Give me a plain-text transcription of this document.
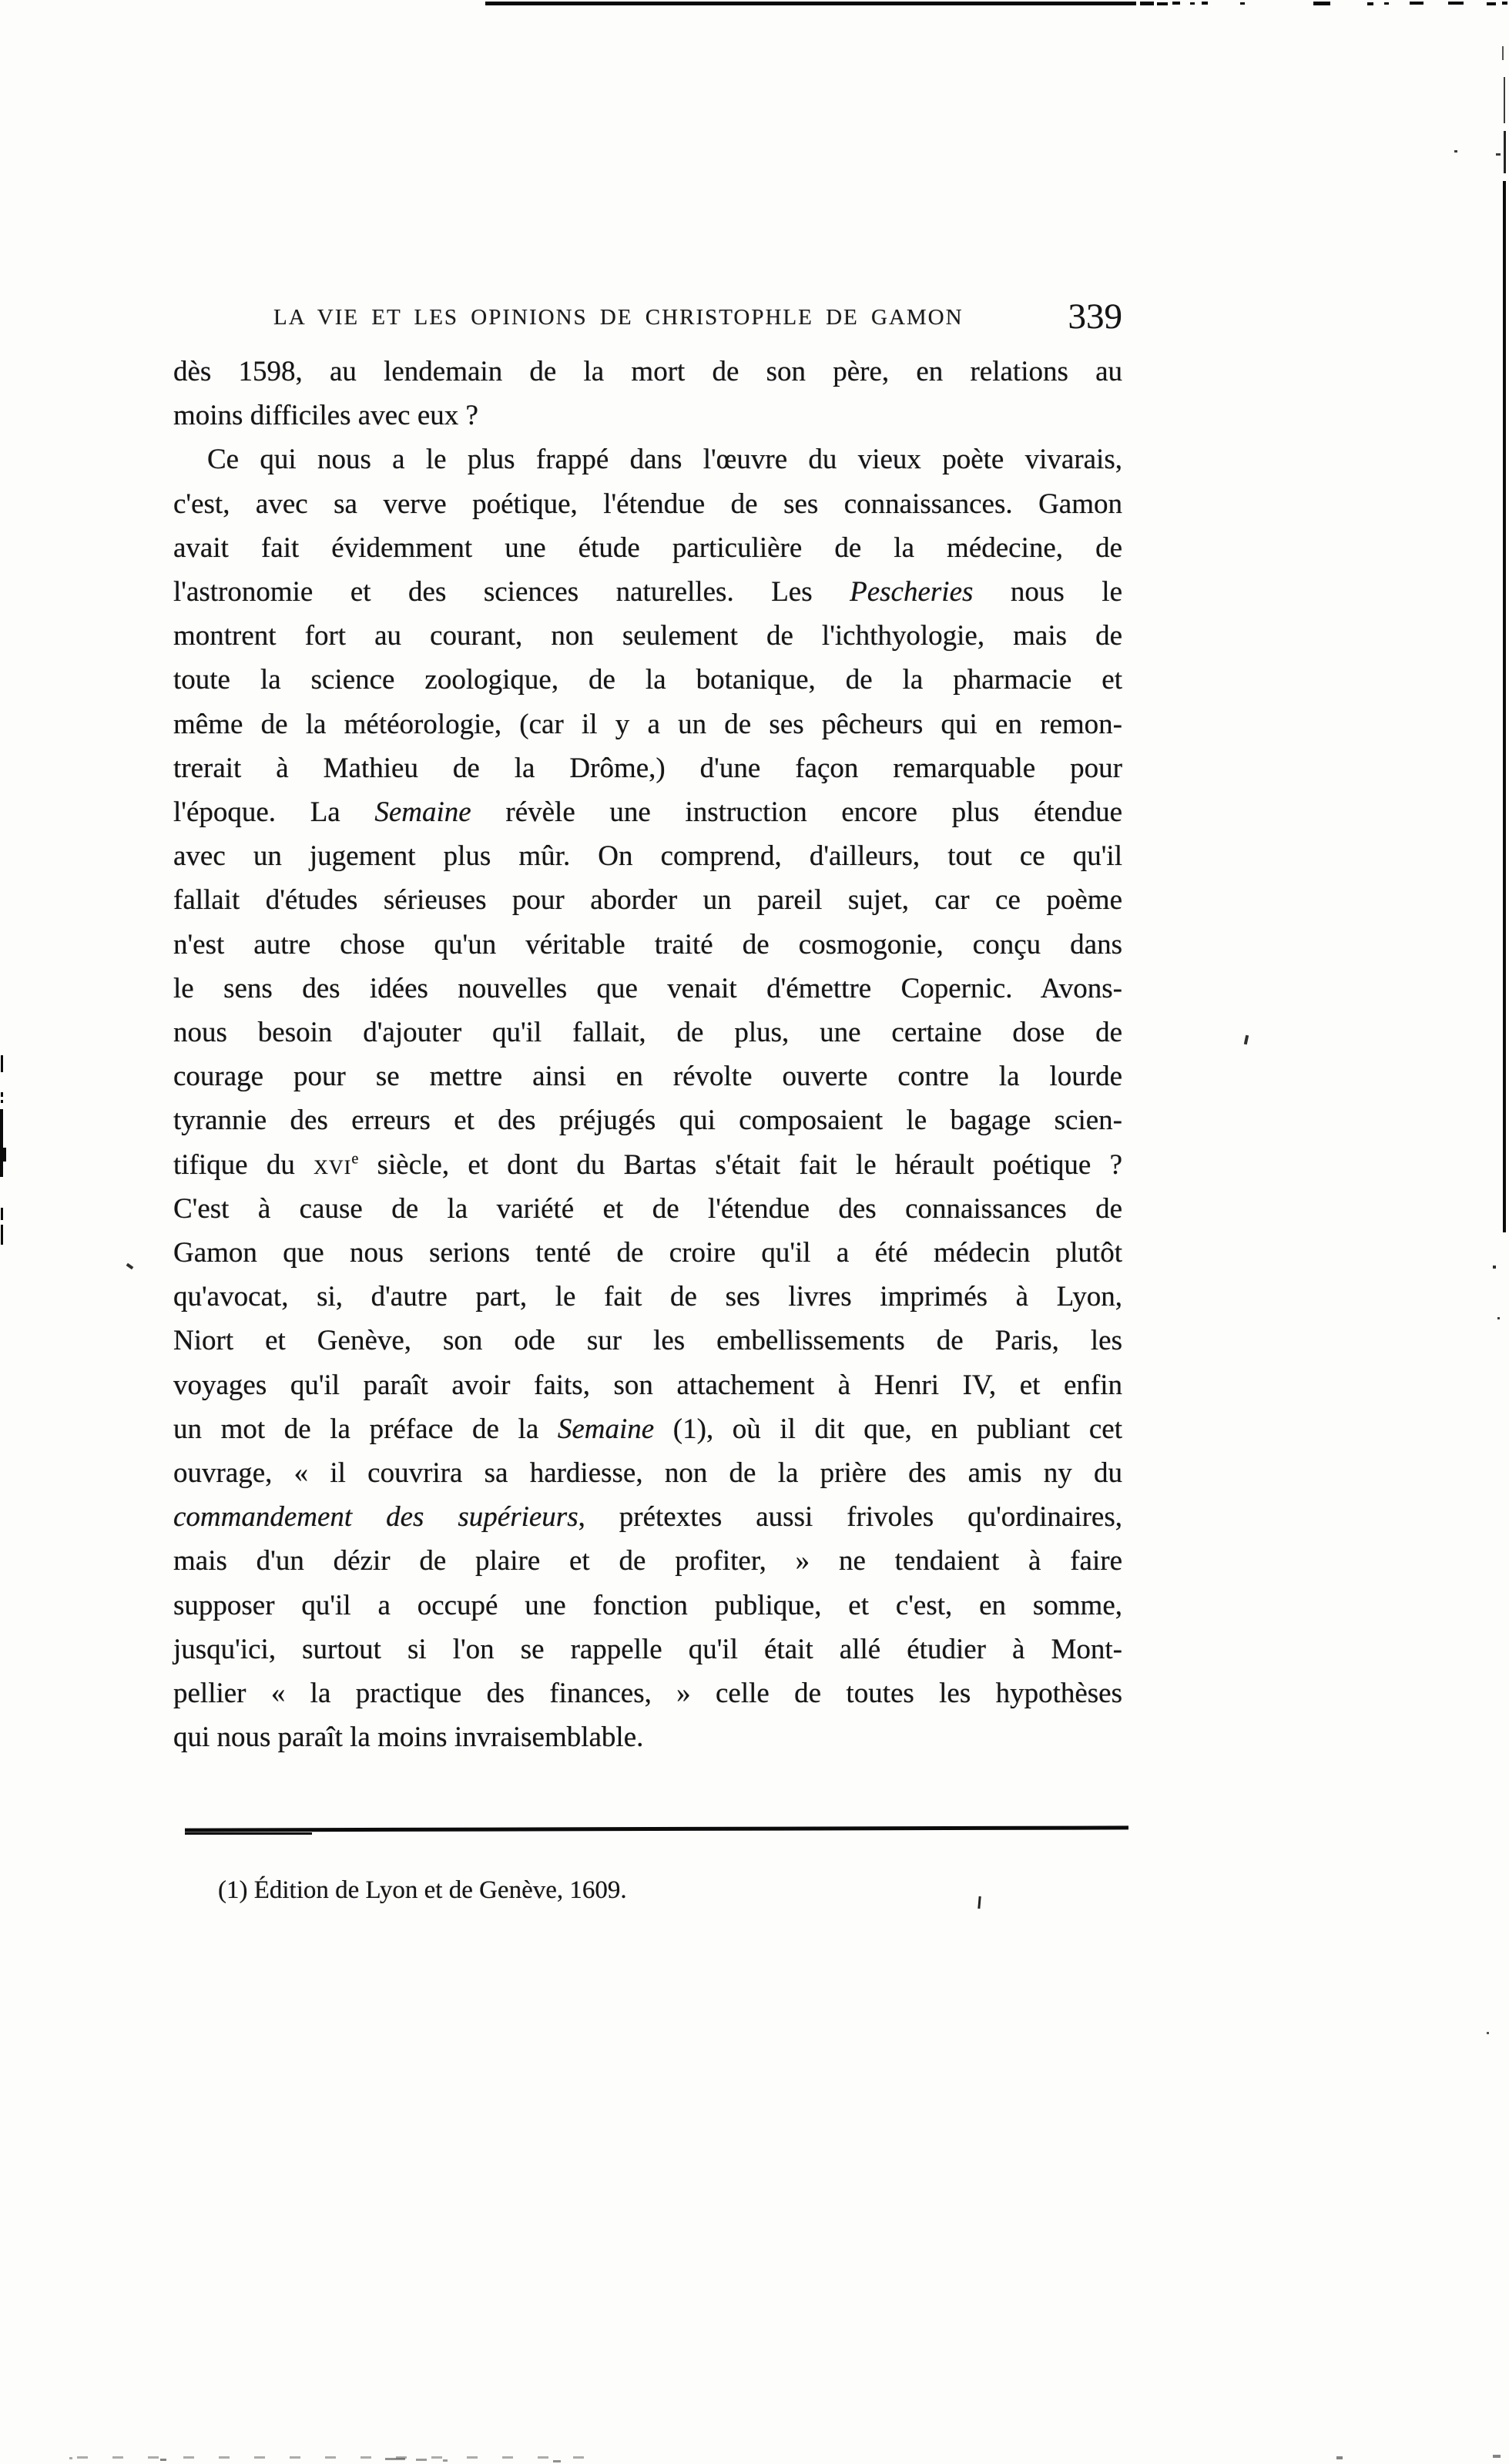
LA VIE ET LES OPINIONS DE CHRISTOPHLE DE GAMON	339
dès 1598, au lendemain de la mort de son père, en relations au
moins difficiles avec eux ?
Ce qui nous a le plus frappé dans l'œuvre du vieux poète vivarais,
c'est, avec sa verve poétique, l'étendue de ses connaissances. Gamon
avait fait évidemment une étude particulière de la médecine, de
l'astronomie et des sciences naturelles. Les Pescheries nous le
montrent fort au courant, non seulement de l'ichthyologie, mais de
toute la science zoologique, de la botanique, de la pharmacie et
même de la météorologie, (car il y a un de ses pêcheurs qui en remon-
trerait à Mathieu de la Drôme,) d'une façon remarquable pour
l'époque. La Semaine révèle une instruction encore plus étendue
avec un jugement plus mûr. On comprend, d'ailleurs, tout ce qu'il
fallait d'études sérieuses pour aborder un pareil sujet, car ce poème
n'est autre chose qu'un véritable traité de cosmogonie, conçu dans
le sens des idées nouvelles que venait d'émettre Copernic. Avons-
nous besoin d'ajouter qu'il fallait, de plus, une certaine dose de
courage pour se mettre ainsi en révolte ouverte contre la lourde
tyrannie des erreurs et des préjugés qui composaient le bagage scien-
tifique du xvi$^e$ siècle, et dont du Bartas s'était fait le hérault poétique ?
C'est à cause de la variété et de l'étendue des connaissances de
Gamon que nous serions tenté de croire qu'il a été médecin plutôt
qu'avocat, si, d'autre part, le fait de ses livres imprimés à Lyon,
Niort et Genève, son ode sur les embellissements de Paris, les
voyages qu'il paraît avoir faits, son attachement à Henri IV, et enfin
un mot de la préface de la Semaine (1), où il dit que, en publiant cet
ouvrage, « il couvrira sa hardiesse, non de la prière des amis ny du
commandement des supérieurs, prétextes aussi frivoles qu'ordinaires,
mais d'un dézir de plaire et de profiter, » ne tendaient à faire
supposer qu'il a occupé une fonction publique, et c'est, en somme,
jusqu'ici, surtout si l'on se rappelle qu'il était allé étudier à Mont-
pellier « la practique des finances, » celle de toutes les hypothèses
qui nous paraît la moins invraisemblable.
(1) Édition de Lyon et de Genève, 1609.
